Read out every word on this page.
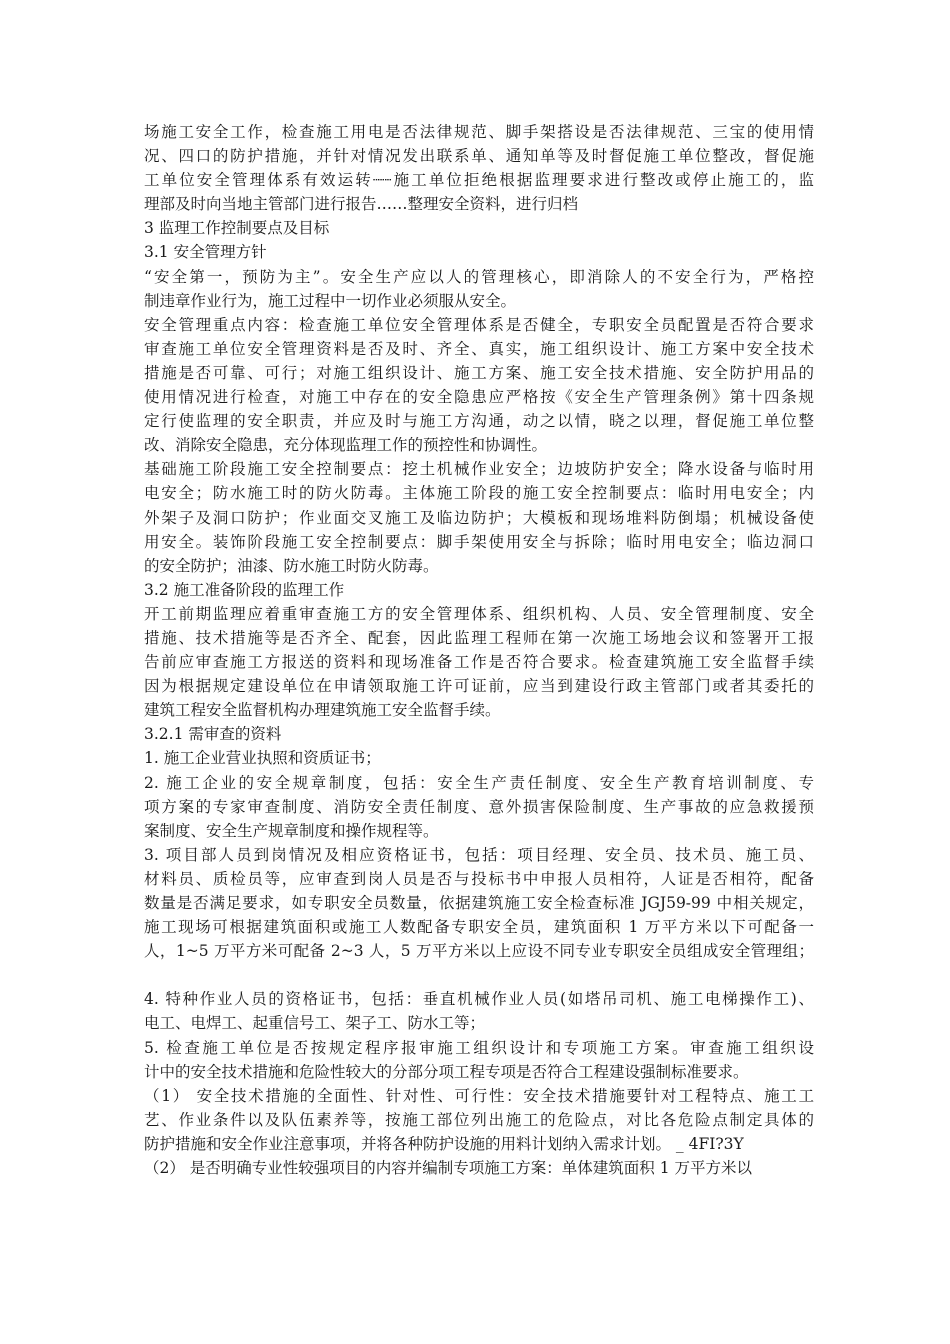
场施工安全工作，检查施工用电是否法律规范、脚手架搭设是否法律规范、三宝的使用情
况、四口的防护措施，并针对情况发出联系单、通知单等及时督促施工单位整改，督促施
工单位安全管理体系有效运转┈┈施工单位拒绝根据监理要求进行整改或停止施工的，监
理部及时向当地主管部门进行报告……整理安全资料，进行归档
3 监理工作控制要点及目标
3.1 安全管理方针
“安全第一，预防为主”。安全生产应以人的管理核心，即消除人的不安全行为，严格控
制违章作业行为，施工过程中一切作业必须服从安全。
安全管理重点内容：检查施工单位安全管理体系是否健全，专职安全员配置是否符合要求
审查施工单位安全管理资料是否及时、齐全、真实，施工组织设计、施工方案中安全技术
措施是否可靠、可行；对施工组织设计、施工方案、施工安全技术措施、安全防护用品的
使用情况进行检查，对施工中存在的安全隐患应严格按《安全生产管理条例》第十四条规
定行使监理的安全职责，并应及时与施工方沟通，动之以情，晓之以理，督促施工单位整
改、消除安全隐患，充分体现监理工作的预控性和协调性。
基础施工阶段施工安全控制要点：挖土机械作业安全；边坡防护安全；降水设备与临时用
电安全；防水施工时的防火防毒。主体施工阶段的施工安全控制要点：临时用电安全；内
外架子及洞口防护；作业面交叉施工及临边防护；大模板和现场堆料防倒塌；机械设备使
用安全。装饰阶段施工安全控制要点：脚手架使用安全与拆除；临时用电安全；临边洞口
的安全防护；油漆、防水施工时防火防毒。
3.2 施工准备阶段的监理工作
开工前期监理应着重审查施工方的安全管理体系、组织机构、人员、安全管理制度、安全
措施、技术措施等是否齐全、配套，因此监理工程师在第一次施工场地会议和签署开工报
告前应审查施工方报送的资料和现场准备工作是否符合要求。检查建筑施工安全监督手续
因为根据规定建设单位在申请领取施工许可证前，应当到建设行政主管部门或者其委托的
建筑工程安全监督机构办理建筑施工安全监督手续。
3.2.1 需审查的资料
1. 施工企业营业执照和资质证书；
2. 施工企业的安全规章制度，包括：安全生产责任制度、安全生产教育培训制度、专
项方案的专家审查制度、消防安全责任制度、意外损害保险制度、生产事故的应急救援预
案制度、安全生产规章制度和操作规程等。
3. 项目部人员到岗情况及相应资格证书，包括：项目经理、安全员、技术员、施工员、
材料员、质检员等，应审查到岗人员是否与投标书中申报人员相符，人证是否相符，配备
数量是否满足要求，如专职安全员数量，依据建筑施工安全检查标准 JGJ59-99 中相关规定，
施工现场可根据建筑面积或施工人数配备专职安全员，建筑面积 1 万平方米以下可配备一
人，1~5 万平方米可配备 2~3 人，5 万平方米以上应设不同专业专职安全员组成安全管理组；
4. 特种作业人员的资格证书，包括：垂直机械作业人员(如塔吊司机、施工电梯操作工)、
电工、电焊工、起重信号工、架子工、防水工等；
5. 检查施工单位是否按规定程序报审施工组织设计和专项施工方案。审查施工组织设
计中的安全技术措施和危险性较大的分部分项工程专项是否符合工程建设强制标准要求。
（1） 安全技术措施的全面性、针对性、可行性：安全技术措施要针对工程特点、施工工
艺、作业条件以及队伍素养等，按施工部位列出施工的危险点，对比各危险点制定具体的
防护措施和安全作业注意事项，并将各种防护设施的用料计划纳入需求计划。 _ 4FI?3Y
（2） 是否明确专业性较强项目的内容并编制专项施工方案：单体建筑面积 1 万平方米以
